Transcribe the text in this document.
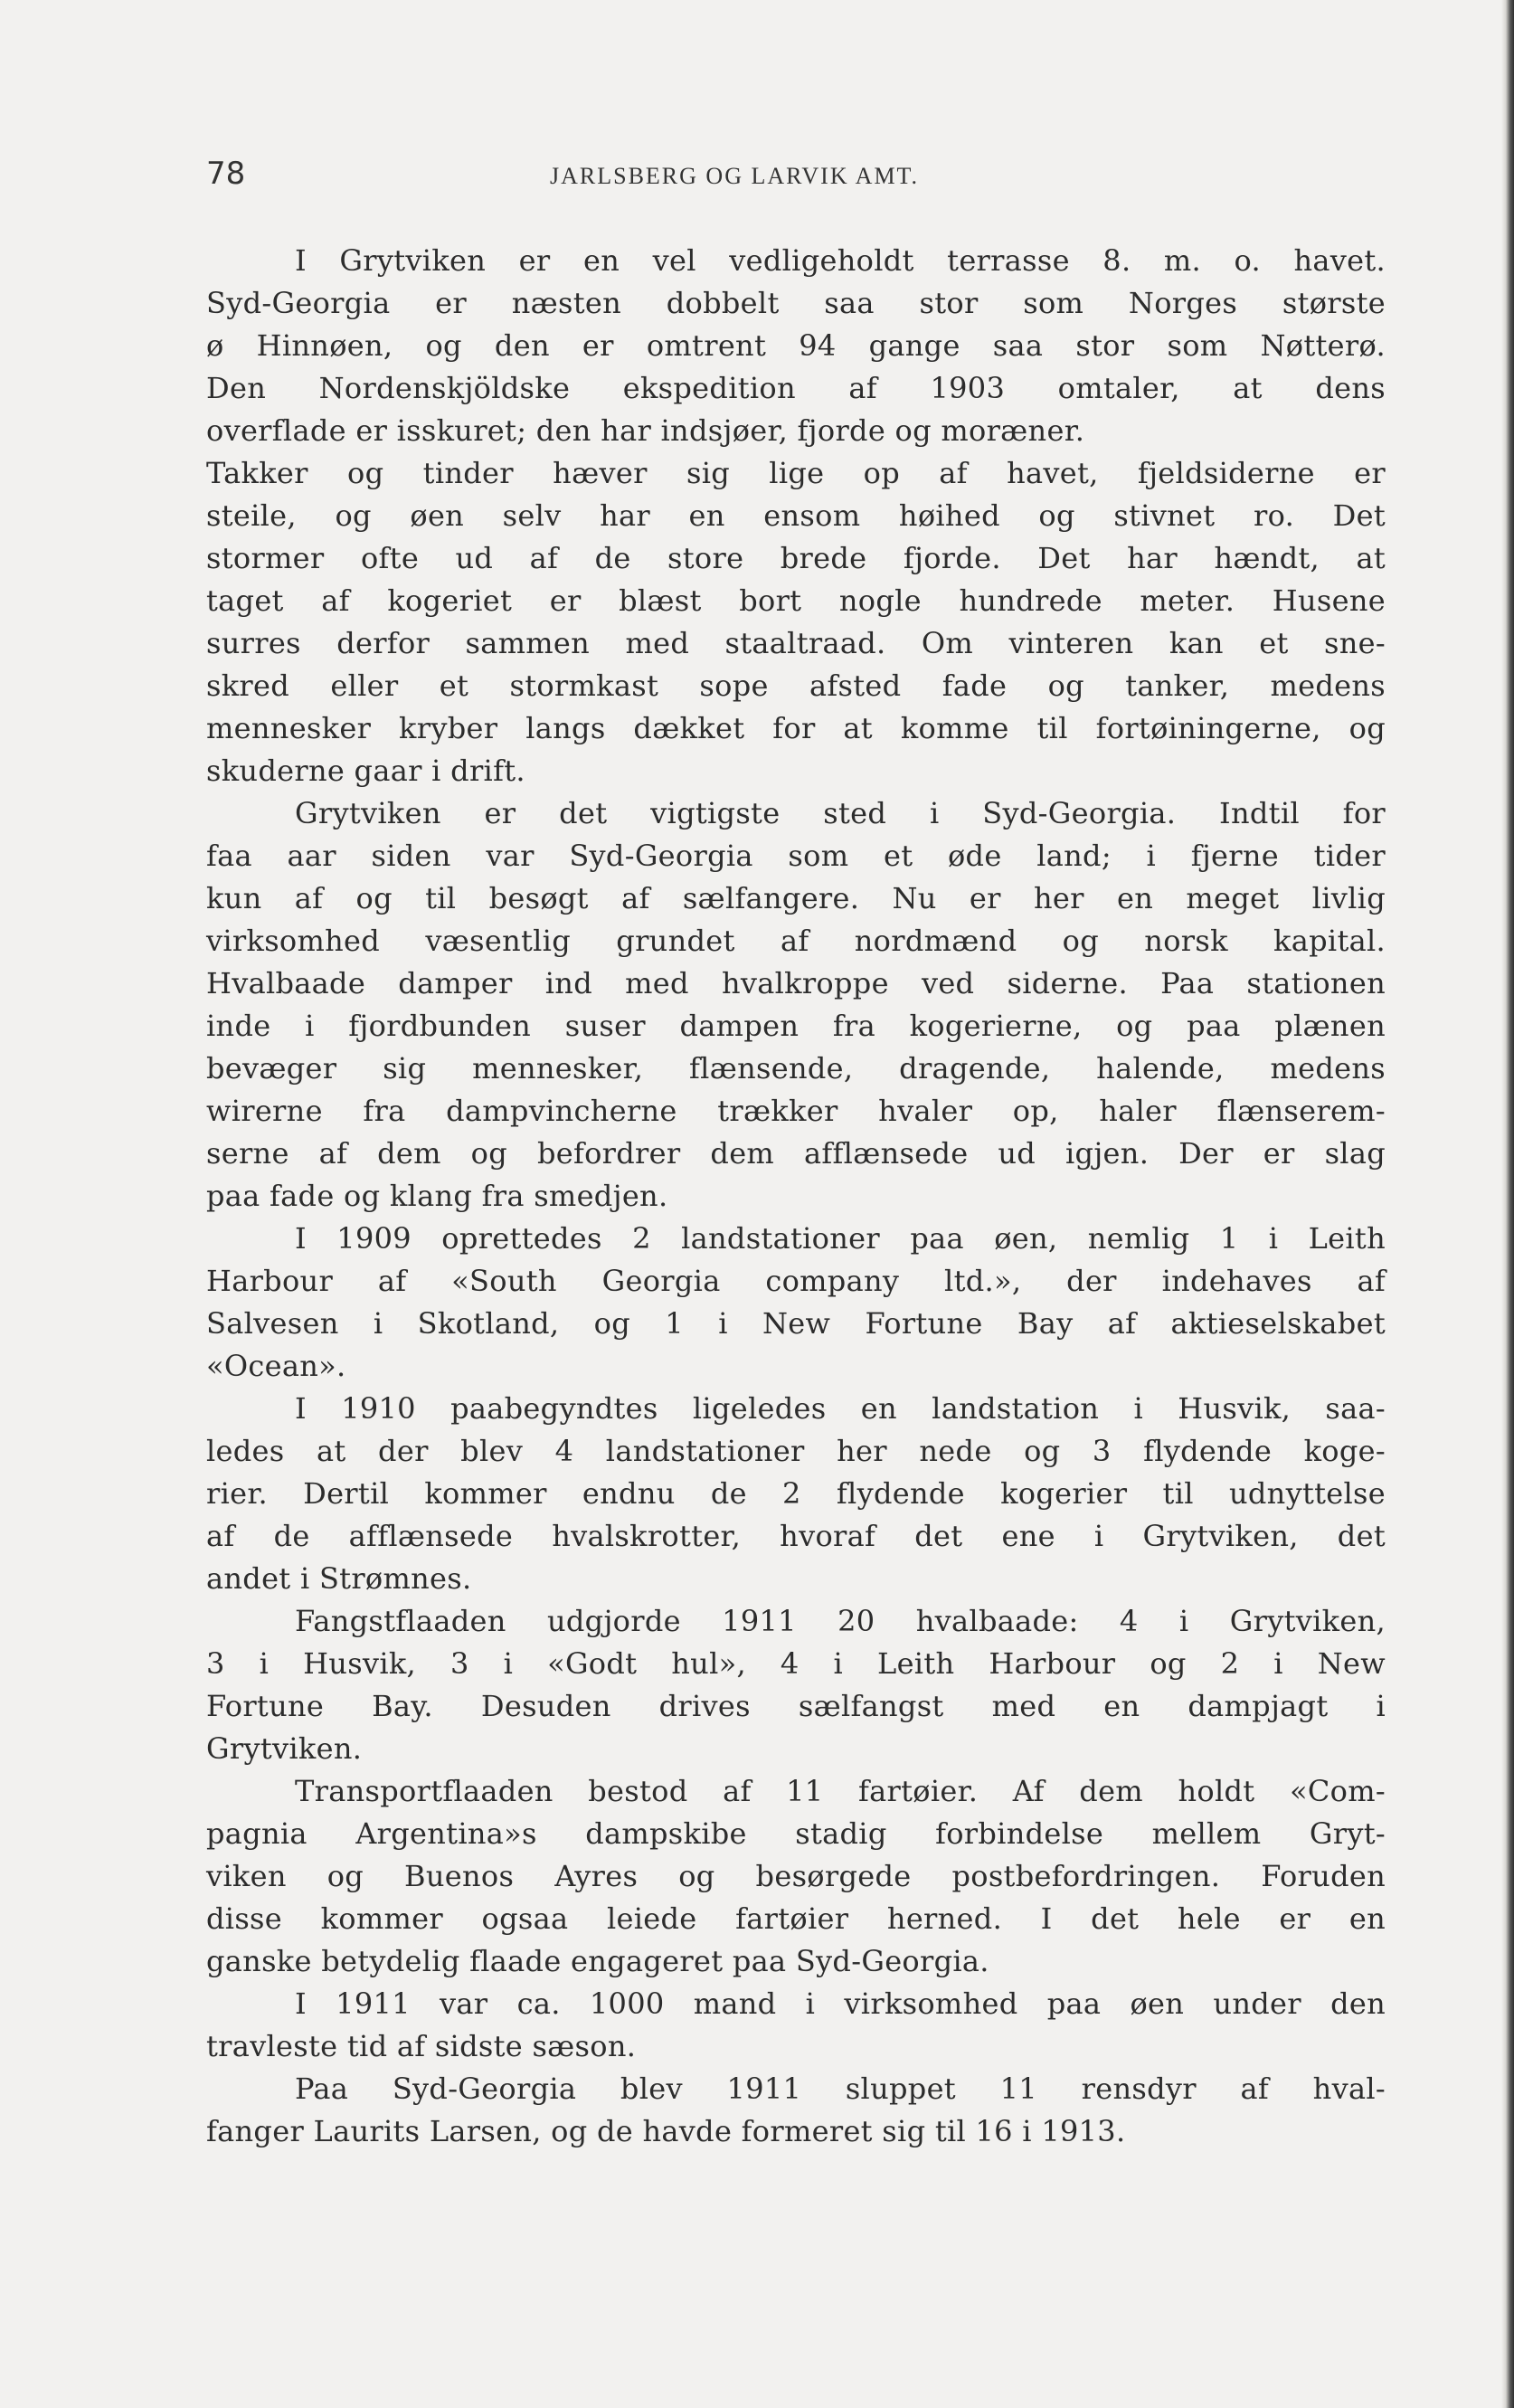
78	JARLSBERG OG LARVIK AMT.
I Grytviken er en vel vedligeholdt terrasse 8. m. o. havet.
Syd-Georgia er næsten dobbelt saa stor som Norges største
ø Hinnøen, og den er omtrent 94 gange saa stor som Nøtterø.
Den Nordenskjöldske ekspedition af 1903 omtaler, at dens
overflade er isskuret; den har indsjøer, fjorde og moræner.
Takker og tinder hæver sig lige op af havet, fjeldsiderne er
steile, og øen selv har en ensom høihed og stivnet ro. Det
stormer ofte ud af de store brede fjorde. Det har hændt, at
taget af kogeriet er blæst bort nogle hundrede meter. Husene
surres derfor sammen med staaltraad. Om vinteren kan et sne-
skred eller et stormkast sope afsted fade og tanker, medens
mennesker kryber langs dækket for at komme til fortøiningerne, og
skuderne gaar i drift.
Grytviken er det vigtigste sted i Syd-Georgia. Indtil for
faa aar siden var Syd-Georgia som et øde land; i fjerne tider
kun af og til besøgt af sælfangere. Nu er her en meget livlig
virksomhed væsentlig grundet af nordmænd og norsk kapital.
Hvalbaade damper ind med hvalkroppe ved siderne. Paa stationen
inde i fjordbunden suser dampen fra kogerierne, og paa plænen
bevæger sig mennesker, flænsende, dragende, halende, medens
wirerne fra dampvincherne trækker hvaler op, haler flænserem-
serne af dem og befordrer dem afflænsede ud igjen. Der er slag
paa fade og klang fra smedjen.
I 1909 oprettedes 2 landstationer paa øen, nemlig 1 i Leith
Harbour af «South Georgia company ltd.», der indehaves af
Salvesen i Skotland, og 1 i New Fortune Bay af aktieselskabet
«Ocean».
I 1910 paabegyndtes ligeledes en landstation i Husvik, saa-
ledes at der blev 4 landstationer her nede og 3 flydende koge-
rier. Dertil kommer endnu de 2 flydende kogerier til udnyttelse
af de afflænsede hvalskrotter, hvoraf det ene i Grytviken, det
andet i Strømnes.
Fangstflaaden udgjorde 1911 20 hvalbaade: 4 i Grytviken,
3 i Husvik, 3 i «Godt hul», 4 i Leith Harbour og 2 i New
Fortune Bay. Desuden drives sælfangst med en dampjagt i
Grytviken.
Transportflaaden bestod af 11 fartøier. Af dem holdt «Com-
pagnia Argentina»s dampskibe stadig forbindelse mellem Gryt-
viken og Buenos Ayres og besørgede postbefordringen. Foruden
disse kommer ogsaa leiede fartøier herned. I det hele er en
ganske betydelig flaade engageret paa Syd-Georgia.
I 1911 var ca. 1000 mand i virksomhed paa øen under den
travleste tid af sidste sæson.
Paa Syd-Georgia blev 1911 sluppet 11 rensdyr af hval-
fanger Laurits Larsen, og de havde formeret sig til 16 i 1913.
